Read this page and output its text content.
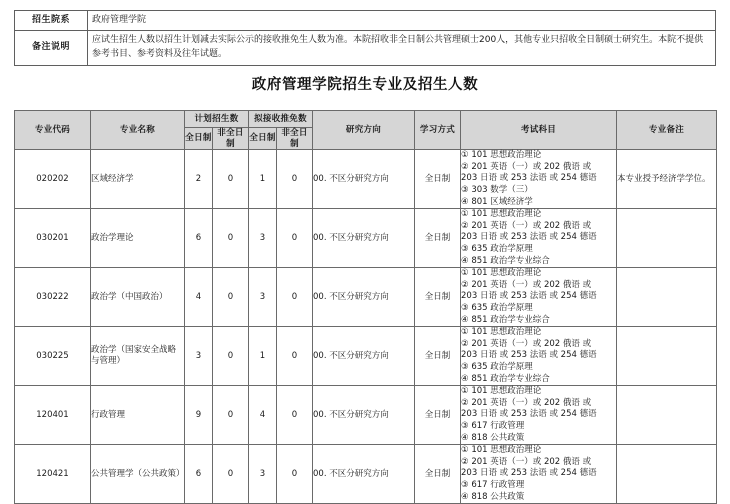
招生院系	政府管理学院
备注说明	应试生招生人数以招生计划减去实际公示的接收推免生人数为准。本院招收非全日制公共管理硕士200人，其他专业只招收全日制硕士研究生。本院不提供参考书目、参考资料及往年试题。
政府管理学院招生专业及招生人数
专业代码	专业名称	计划招生数		拟接收推免数		研究方向	学习方式	考试科目	专业备注
		全日制	非全日制	全日制	非全日制				
020202	区域经济学	2	0	1	0	00. 不区分研究方向	全日制	
① 101 思想政治理论
② 201 英语（一）或 202 俄语 或
203 日语 或 253 法语 或 254 德语
③ 303 数学（三）
④ 801 区域经济学
	本专业授予经济学学位。
030201	政治学理论	6	0	3	0	00. 不区分研究方向	全日制	
① 101 思想政治理论
② 201 英语（一）或 202 俄语 或
203 日语 或 253 法语 或 254 德语
③ 635 政治学原理
④ 851 政治学专业综合

030222	政治学（中国政治）	4	0	3	0	00. 不区分研究方向	全日制	
① 101 思想政治理论
② 201 英语（一）或 202 俄语 或
203 日语 或 253 法语 或 254 德语
③ 635 政治学原理
④ 851 政治学专业综合

030225	政治学（国家安全战略与管理）	3	0	1	0	00. 不区分研究方向	全日制	
① 101 思想政治理论
② 201 英语（一）或 202 俄语 或
203 日语 或 253 法语 或 254 德语
③ 635 政治学原理
④ 851 政治学专业综合

120401	行政管理	9	0	4	0	00. 不区分研究方向	全日制	
① 101 思想政治理论
② 201 英语（一）或 202 俄语 或
203 日语 或 253 法语 或 254 德语
③ 617 行政管理
④ 818 公共政策

120421	公共管理学（公共政策）	6	0	3	0	00. 不区分研究方向	全日制	
① 101 思想政治理论
② 201 英语（一）或 202 俄语 或
203 日语 或 253 法语 或 254 德语
③ 617 行政管理
④ 818 公共政策
